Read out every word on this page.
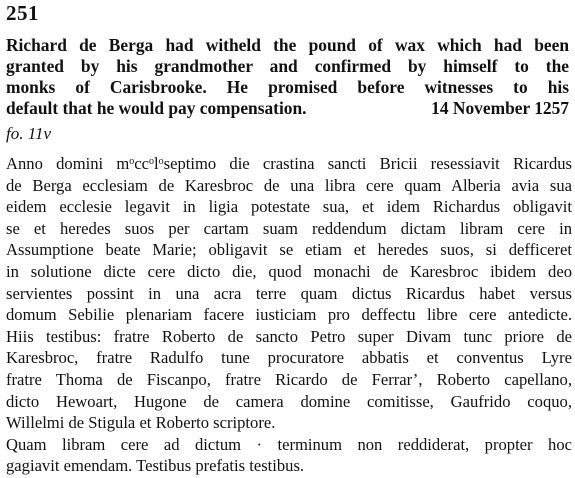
251
Richard de Berga had witheld the pound of wax which had been
granted by his grandmother and confirmed by himself to the
monks of Carisbrooke. He promised before witnesses to his
default that he would pay compensation.	14 November 1257
fo. 11v
Anno domini $m^occ^ol^oseptimo$ die crastina sancti Bricii resessiavit Ricardus
de Berga ecclesiam de Karesbroc de una libra cere quam Alberia avia sua
eidem ecclesie legavit in ligia potestate sua, et idem Richardus obligavit
se et heredes suos per cartam suam reddendum dictam libram cere in
Assumptione beate Marie; obligavit se etiam et heredes suos, si defficeret
in solutione dicte cere dicto die, quod monachi de Karesbroc ibidem deo
servientes possint in una acra terre quam dictus Ricardus habet versus
domum Sebilie plenariam facere iusticiam pro deffectu libre cere antedicte.
Hiis testibus: fratre Roberto de sancto Petro super Divam tunc priore de
Karesbroc, fratre Radulfo tune procuratore abbatis et conventus Lyre
fratre Thoma de Fiscanpo, fratre Ricardo de Ferrar’, Roberto capellano,
dicto Hewoart, Hugone de camera domine comitisse, Gaufrido coquo,
Willelmi de Stigula et Roberto scriptore.
Quam libram cere ad dictum · terminum non reddiderat, propter hoc
gagiavit emendam. Testibus prefatis testibus.
